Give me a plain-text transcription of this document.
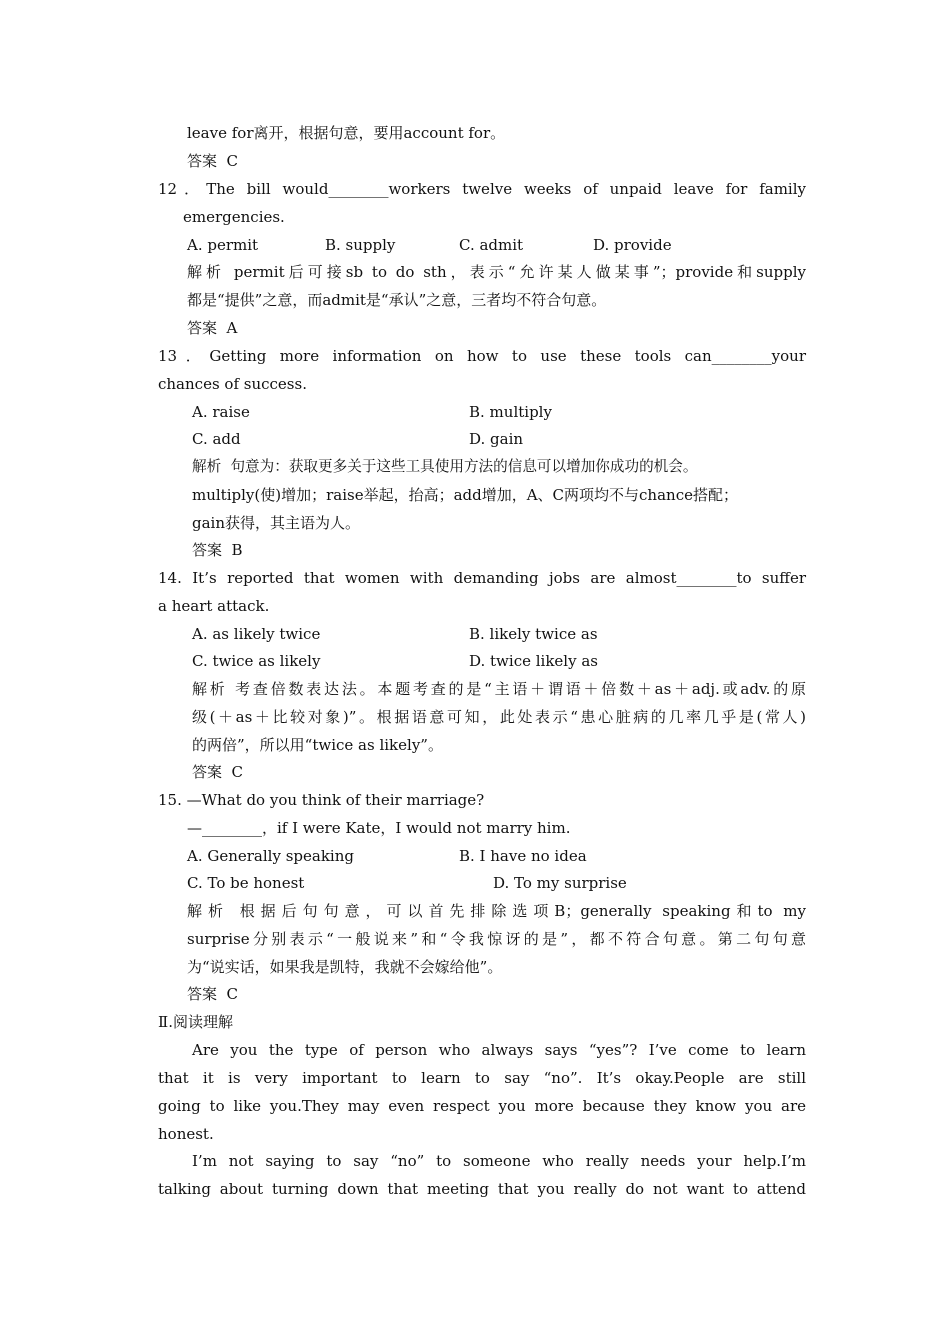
leave for离开，根据句意，要用account for。
答案  C
12．The bill would________workers twelve weeks of unpaid leave for family
emergencies.
A. permit	B. supply	C. admit	D. provide
解析 permit后可接sb to do sth，表示“允许某人做某事”；provide和supply
都是“提供”之意，而admit是“承认”之意，三者均不符合句意。
答案  A
13．Getting more information on how to use these tools can________your
chances of success.
A. raise	B. multiply
C. add	D. gain
解析  句意为：获取更多关于这些工具使用方法的信息可以增加你成功的机会。
multiply(使)增加；raise举起，抬高；add增加，A、C两项均不与chance搭配；
gain获得，其主语为人。
答案  B
14. It’s reported that women with demanding jobs are almost________to suffer
a heart attack.
A. as likely twice	B. likely twice as
C. twice as likely	D. twice likely as
解析 考查倍数表达法。本题考查的是“主语＋谓语＋倍数＋as＋adj.或adv.的原
级(＋as＋比较对象)”。根据语意可知，此处表示“患心脏病的几率几乎是(常人)
的两倍”，所以用“twice as likely”。
答案  C
15. —What do you think of their marriage?
—________，if I were Kate，I would not marry him.
A. Generally speaking	B. I have no idea
C. To be honest	D. To my surprise
解析 根据后句句意，可以首先排除选项B；generally speaking和to my
surprise分别表示“一般说来”和“令我惊讶的是”，都不符合句意。第二句句意
为“说实话，如果我是凯特，我就不会嫁给他”。
答案  C
Ⅱ.阅读理解
Are you the type of person who always says “yes”? I’ve come to learn
that it is very important to learn to say “no”. It’s okay.People are still
going to like you.They may even respect you more because they know you are
honest.
I’m not saying to say “no” to someone who really needs your help.I’m
talking about turning down that meeting that you really do not want to attend
